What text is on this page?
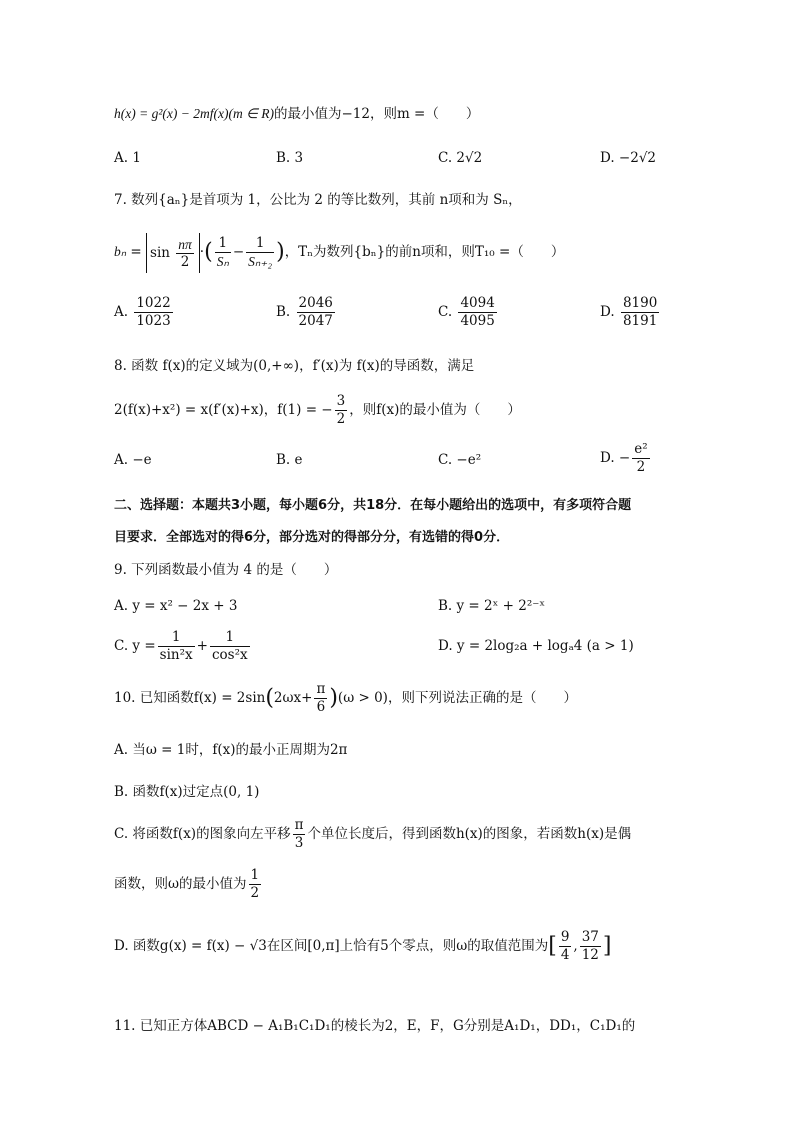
h(x) = g²(x) − 2mf(x)(m ∈ R)的最小值为−12，则m =（　　）
A. 1	B. 3	C. 2√2	D. −2√2
7. 数列{aₙ}是首项为 1，公比为 2 的等比数列，其前 n项和为 Sₙ，
$b_n = \sin \frac{n\pi}{2}$ ·( $\frac{1}{\text{Sₙ}} - \frac{1}{\text{Sₙ₊₂}}$ )，Tₙ为数列{bₙ}的前n项和，则T₁₀ =（　　）
A. $\frac{1022}{1023}$	B. $\frac{2046}{2047}$	C. $\frac{4094}{4095}$	D. $\frac{8190}{8191}$
8. 函数 f(x)的定义域为(0,+∞)，f′(x)为 f(x)的导函数，满足
2(f(x)+x²) = x(f′(x)+x)，f(1) = − $\frac{3}{2}$ ，则f(x)的最小值为（　　）
A. −e	B. e	C. −e²	D. − $\frac{\text{e²}}{2}$
二、选择题：本题共3小题，每小题6分，共18分．在每小题给出的选项中，有多项符合题
目要求．全部选对的得6分，部分选对的得部分分，有选错的得0分．
9. 下列函数最小值为 4 的是（　　）
A. y = x² − 2x + 3	B. y = 2ˣ + 2²⁻ˣ
C. $y = \frac{1}{\text{sin²x}} + \frac{1}{\text{cos²x}}$	D. y = 2log₂a + logₐ4 (a > 1)
10. 已知函数$f(x) = 2\sin(2\omega x+ \frac{\pi}{6} )(\omega > 0)$，则下列说法正确的是（　　）
A. 当ω = 1时，f(x)的最小正周期为2π
B. 函数f(x)过定点(0, 1)
C. 将函数f(x)的图象向左平移 $\frac{\pi}{3}$ 个单位长度后，得到函数h(x)的图象，若函数h(x)是偶
函数，则ω的最小值为 $\frac{1}{2}$
D. 函数g(x) = f(x) − √3在区间[0,π]上恰有5个零点，则ω的取值范围为[ $\frac{9}{4}$ , $\frac{37}{12}$ ]
11. 已知正方体ABCD − A₁B₁C₁D₁的棱长为2，E，F，G分别是A₁D₁，DD₁，C₁D₁的
